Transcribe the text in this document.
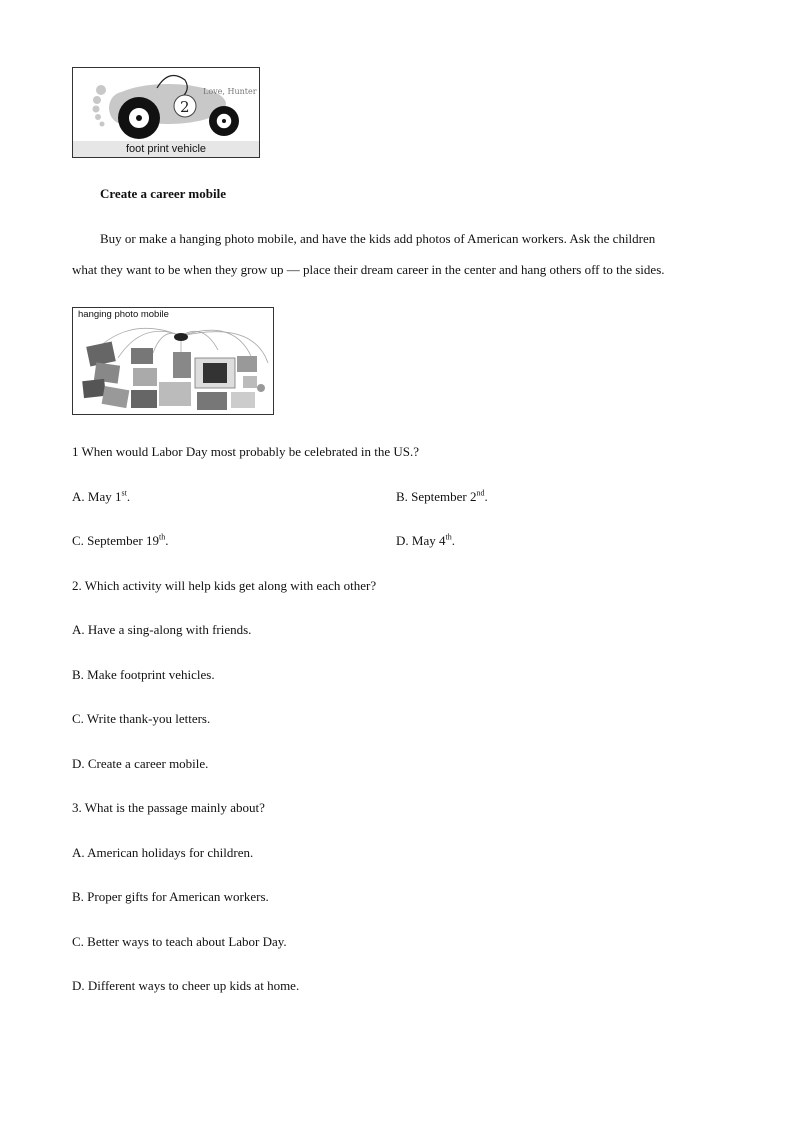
2
Love, Hunter
foot print vehicle
Create a career mobile
Buy or make a hanging photo mobile, and have the kids add photos of American workers. Ask the children
what they want to be when they grow up — place their dream career in the center and hang others off to the sides.
hanging photo mobile
1 When would Labor Day most probably be celebrated in the US.?
A. May 1st.	B. September 2nd.
C. September 19th.	D. May 4th.
2. Which activity will help kids get along with each other?
A. Have a sing-along with friends.
B. Make footprint vehicles.
C. Write thank-you letters.
D. Create a career mobile.
3. What is the passage mainly about?
A. American holidays for children.
B. Proper gifts for American workers.
C. Better ways to teach about Labor Day.
D. Different ways to cheer up kids at home.
